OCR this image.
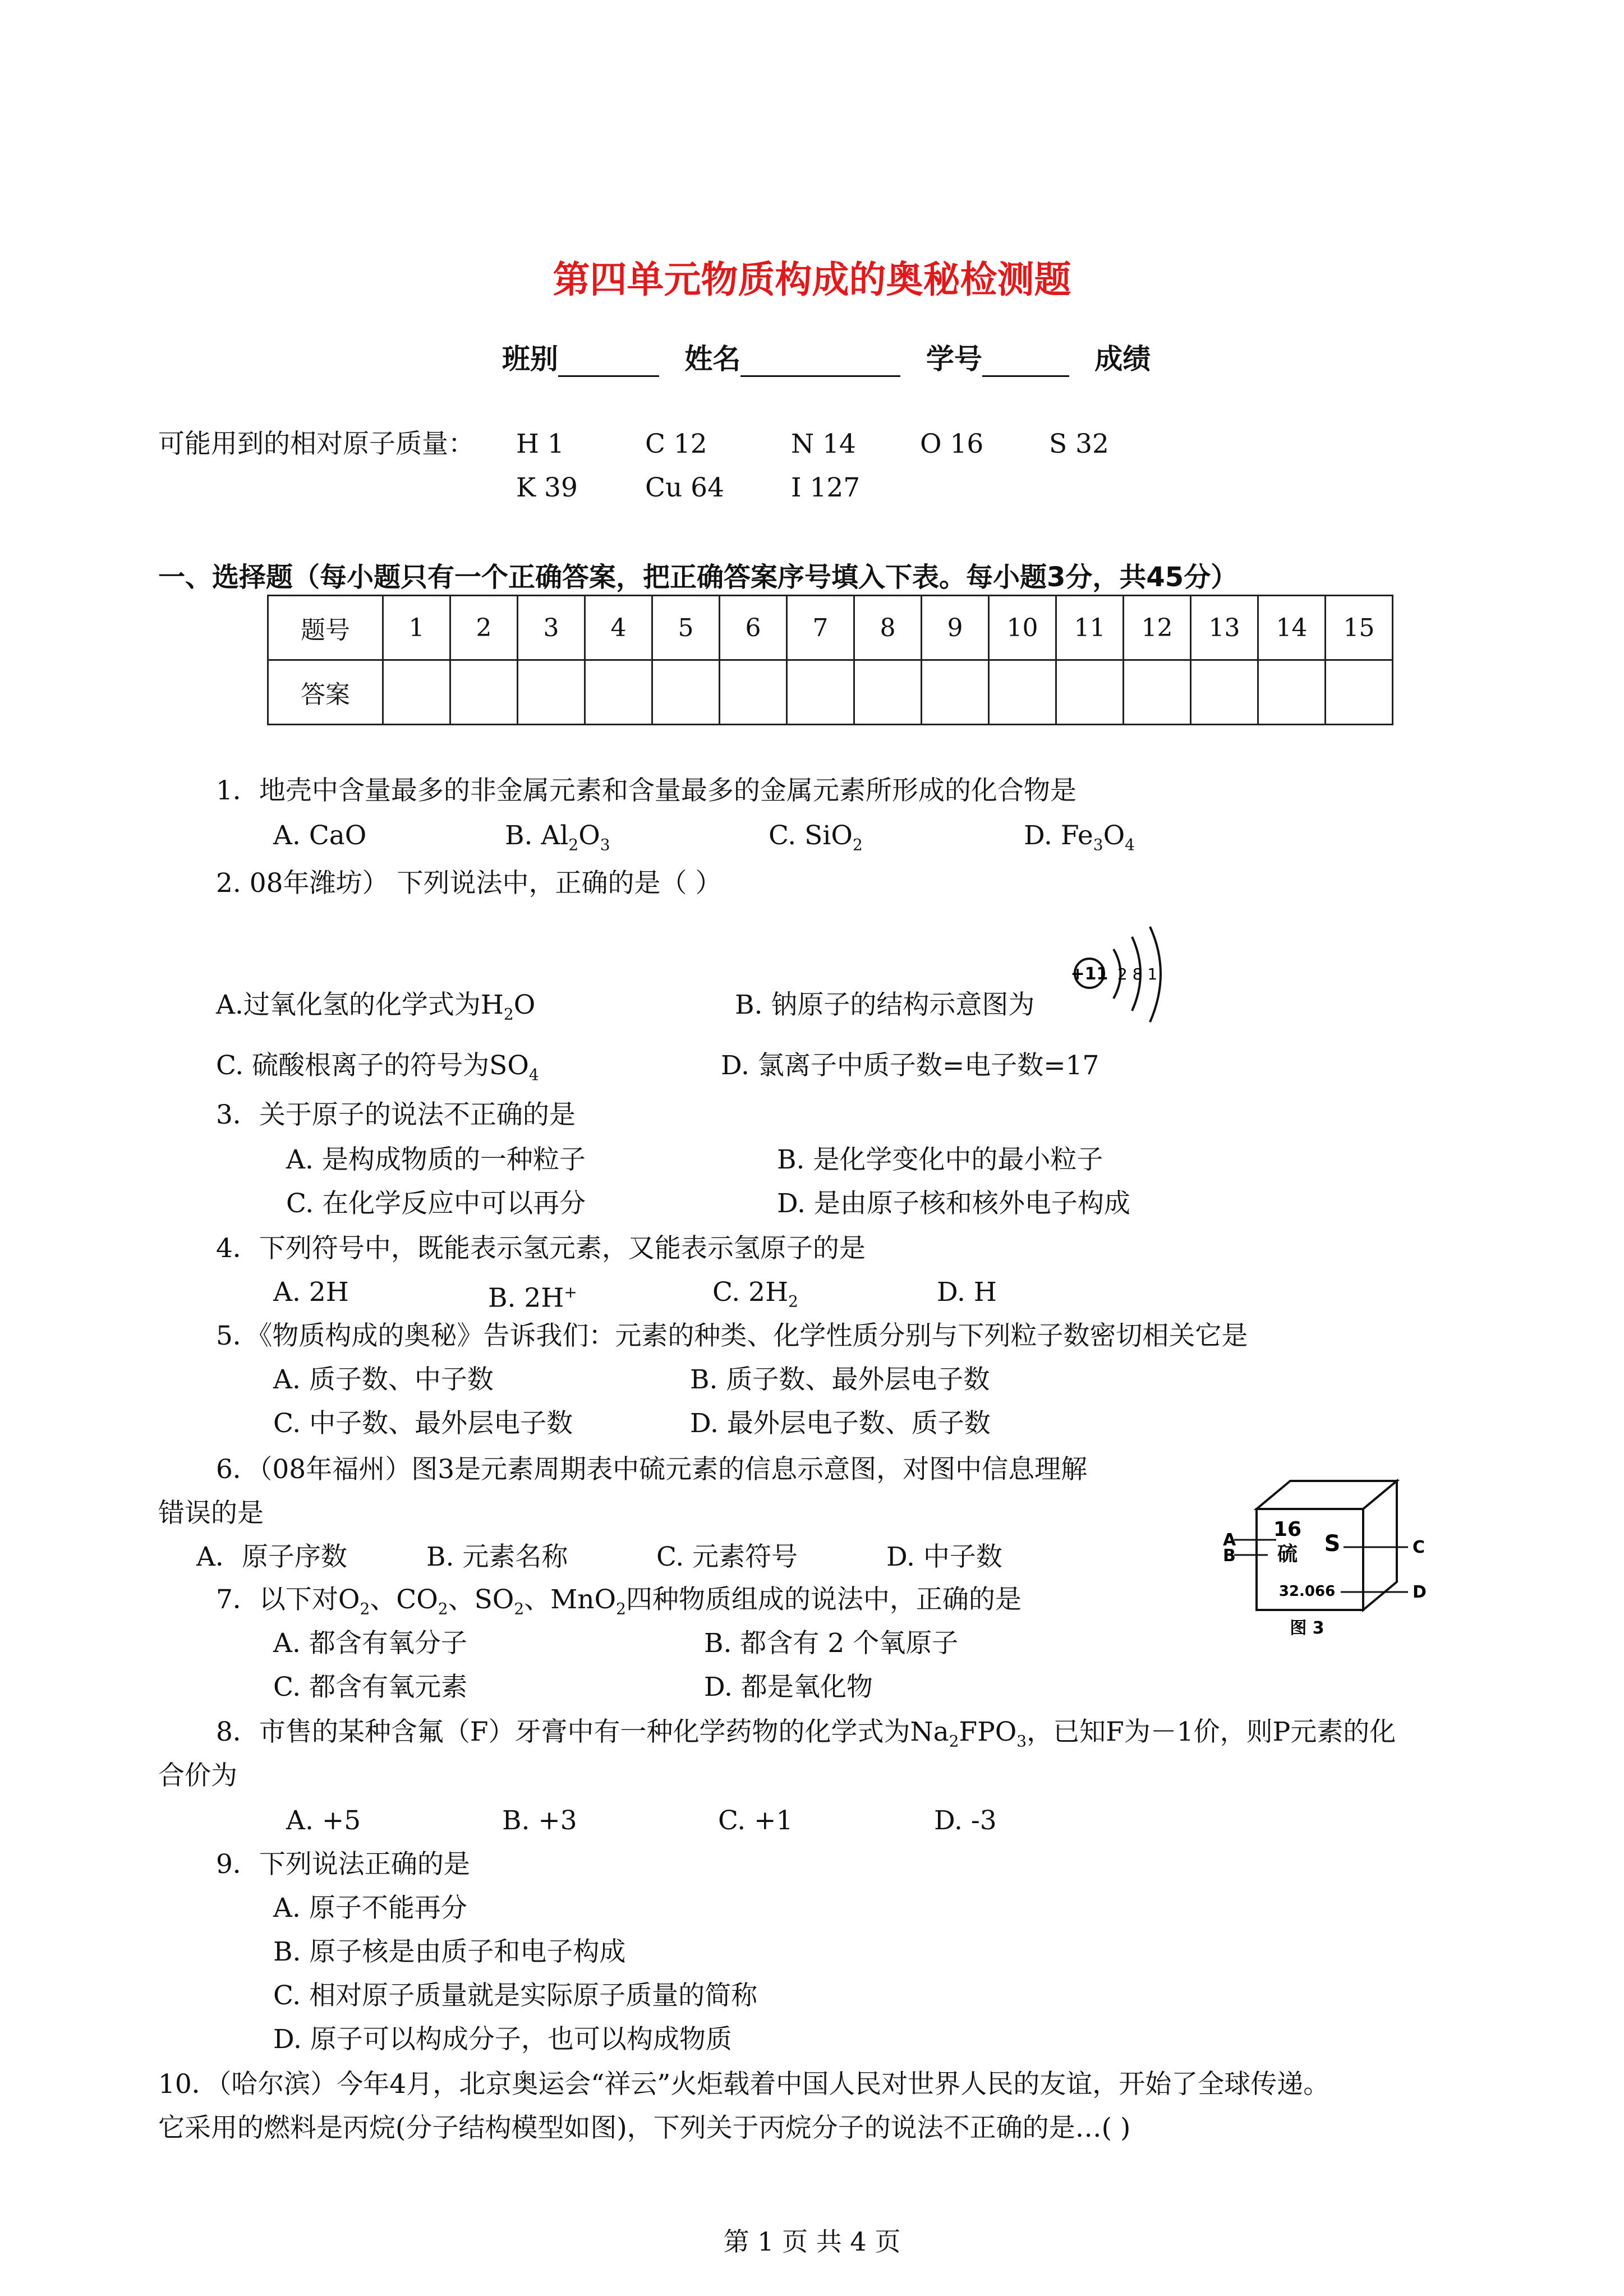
第四单元物质构成的奥秘检测题
班别	姓名	学号	成绩
可能用到的相对原子质量： H 1	C 12	N 14 O 16 S 32
K 39	Cu 64	I 127
一、选择题（每小题只有一个正确答案，把正确答案序号填入下表。每小题3分，共45分）
题号	1	2	3	4	5	6	7	8	9	10	11	12	13	14	15
答案															
1．地壳中含量最多的非金属元素和含量最多的金属元素所形成的化合物是
A. CaO	B. $Al_2O_3$	C. SiO$_2$	D. $Fe_3O_4$
2. 08年潍坊） 下列说法中，正确的是（ ）
A.过氧化氢的化学式为$H_2O$	B. 钠原子的结构示意图为
+11 2 8 1
C. 硫酸根离子的符号为$SO_4$	D. 氯离子中质子数=电子数=17
3．关于原子的说法不正确的是
A. 是构成物质的一种粒子	B. 是化学变化中的最小粒子
C. 在化学反应中可以再分	D. 是由原子核和核外电子构成
4．下列符号中，既能表示氢元素，又能表示氢原子的是
A. 2H	B. 2H+	C. $2H_2$	D. H
5．《物质构成的奥秘》告诉我们：元素的种类、化学性质分别与下列粒子数密切相关它是
A. 质子数、中子数	B. 质子数、最外层电子数
C. 中子数、最外层电子数	D. 最外层电子数、质子数
6．（08年福州）图3是元素周期表中硫元素的信息示意图，对图中信息理解
错误的是
A．原子序数	B. 元素名称	C. 元素符号	D. 中子数
16
硫 S
32.066
A
B	C
D
图 3
7．以下对$O_2$、$CO_2$、$SO_2$、MnO$_2$四种物质组成的说法中，正确的是
A. 都含有氧分子	B. 都含有 2 个氧原子
C. 都含有氧元素	D. 都是氧化物
8．市售的某种含氟（F）牙膏中有一种化学药物的化学式为$Na_2FPO_3$，已知F为－1价，则P元素的化
合价为
A. +5	B. +3	C. +1	D. -3
9．下列说法正确的是
A. 原子不能再分
B. 原子核是由质子和电子构成
C. 相对原子质量就是实际原子质量的简称
D. 原子可以构成分子，也可以构成物质
10．（哈尔滨）今年4月，北京奥运会“祥云”火炬载着中国人民对世界人民的友谊，开始了全球传递。
它采用的燃料是丙烷(分子结构模型如图)，下列关于丙烷分子的说法不正确的是…( )
第 1 页 共 4 页
